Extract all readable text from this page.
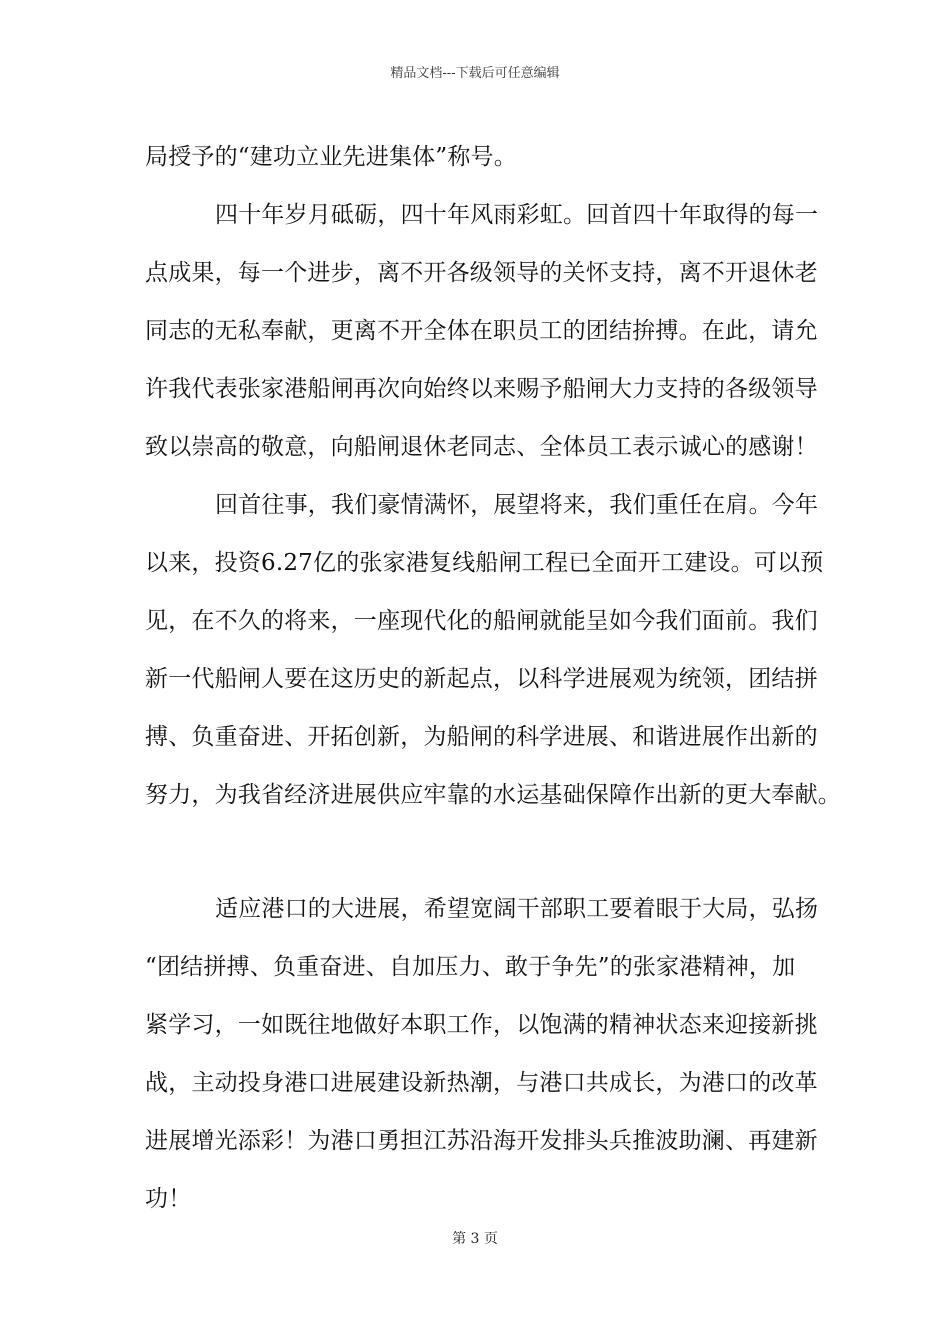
精品文档---下载后可任意编辑
局授予的“建功立业先进集体”称号。
四十年岁月砥砺，四十年风雨彩虹。回首四十年取得的每一
点成果，每一个进步，离不开各级领导的关怀支持，离不开退休老
同志的无私奉献，更离不开全体在职员工的团结拚搏。在此，请允
许我代表张家港船闸再次向始终以来赐予船闸大力支持的各级领导
致以崇高的敬意，向船闸退休老同志、全体员工表示诚心的感谢！
回首往事，我们豪情满怀，展望将来，我们重任在肩。今年
以来，投资6.27亿的张家港复线船闸工程已全面开工建设。可以预
见，在不久的将来，一座现代化的船闸就能呈如今我们面前。我们
新一代船闸人要在这历史的新起点，以科学进展观为统领，团结拼
搏、负重奋进、开拓创新，为船闸的科学进展、和谐进展作出新的
努力，为我省经济进展供应牢靠的水运基础保障作出新的更大奉献。
适应港口的大进展，希望宽阔干部职工要着眼于大局，弘扬
“团结拼搏、负重奋进、自加压力、敢于争先”的张家港精神，加
紧学习，一如既往地做好本职工作，以饱满的精神状态来迎接新挑
战，主动投身港口进展建设新热潮，与港口共成长，为港口的改革
进展增光添彩！为港口勇担江苏沿海开发排头兵推波助澜、再建新
功！
第 3 页
